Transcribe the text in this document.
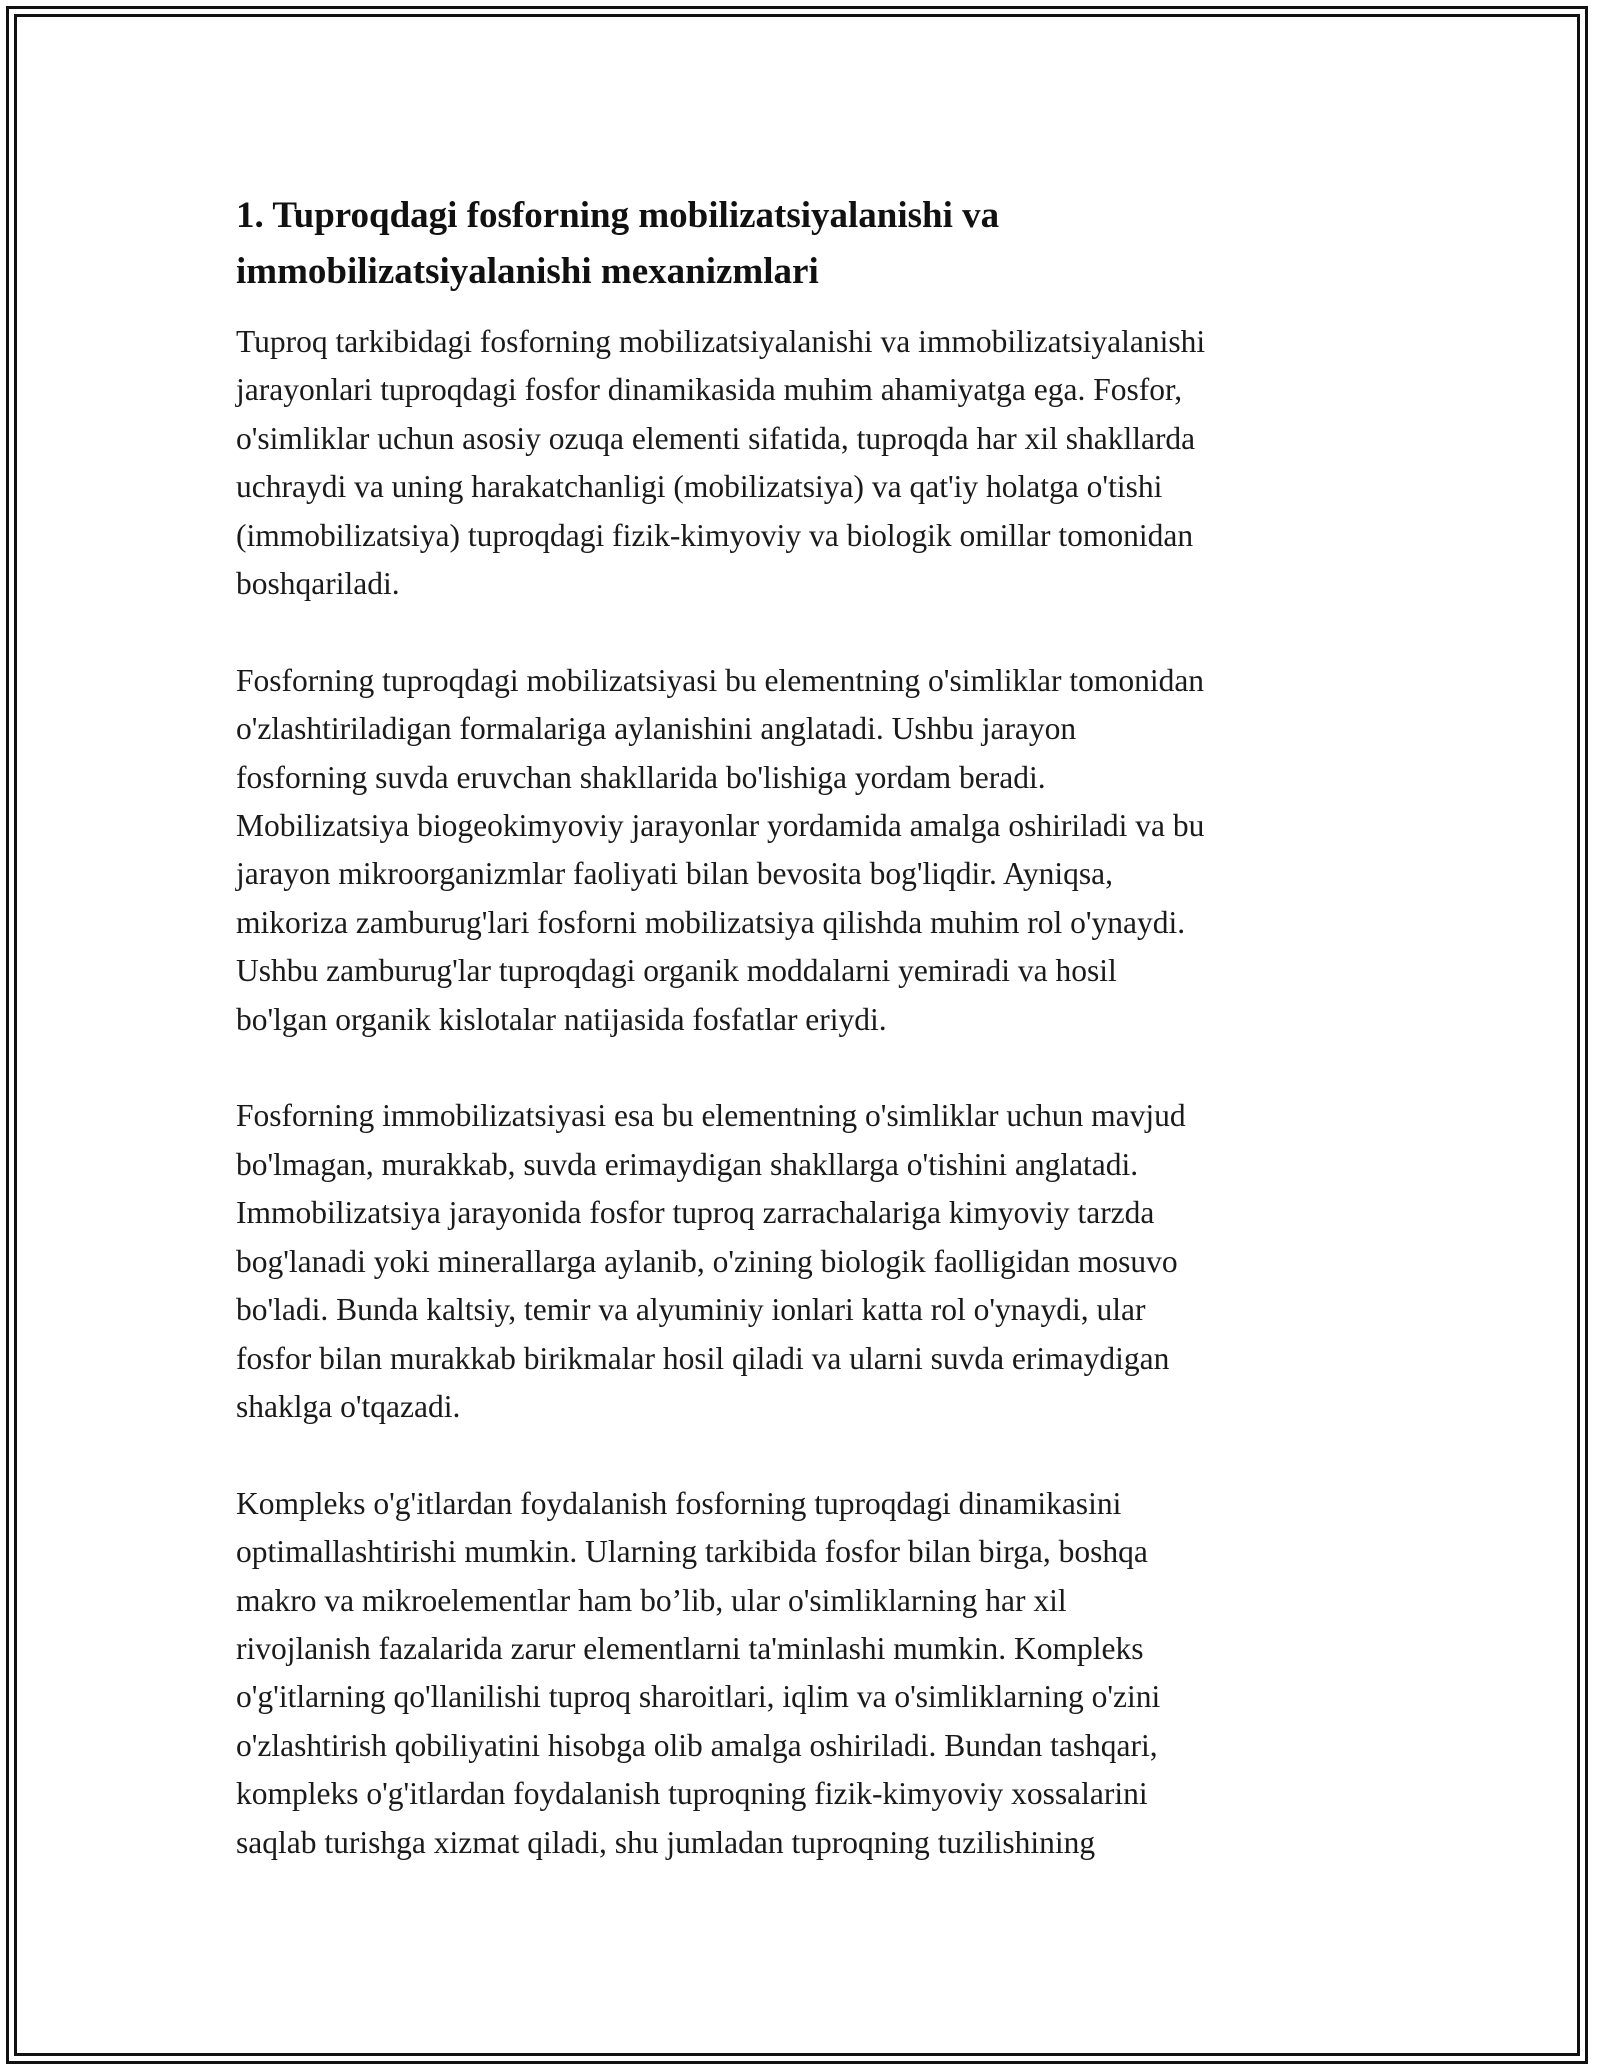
1. Tuproqdagi fosforning mobilizatsiyalanishi va
immobilizatsiyalanishi mexanizmlari

Tuproq tarkibidagi fosforning mobilizatsiyalanishi va immobilizatsiyalanishi
jarayonlari tuproqdagi fosfor dinamikasida muhim ahamiyatga ega. Fosfor,
o'simliklar uchun asosiy ozuqa elementi sifatida, tuproqda har xil shakllarda
uchraydi va uning harakatchanligi (mobilizatsiya) va qat'iy holatga o'tishi
(immobilizatsiya) tuproqdagi fizik-kimyoviy va biologik omillar tomonidan
boshqariladi.

Fosforning tuproqdagi mobilizatsiyasi bu elementning o'simliklar tomonidan
o'zlashtiriladigan formalariga aylanishini anglatadi. Ushbu jarayon
fosforning suvda eruvchan shakllarida bo'lishiga yordam beradi.
Mobilizatsiya biogeokimyoviy jarayonlar yordamida amalga oshiriladi va bu
jarayon mikroorganizmlar faoliyati bilan bevosita bog'liqdir. Ayniqsa,
mikoriza zamburug'lari fosforni mobilizatsiya qilishda muhim rol o'ynaydi.
Ushbu zamburug'lar tuproqdagi organik moddalarni yemiradi va hosil
bo'lgan organik kislotalar natijasida fosfatlar eriydi.

Fosforning immobilizatsiyasi esa bu elementning o'simliklar uchun mavjud
bo'lmagan, murakkab, suvda erimaydigan shakllarga o'tishini anglatadi.
Immobilizatsiya jarayonida fosfor tuproq zarrachalariga kimyoviy tarzda
bog'lanadi yoki minerallarga aylanib, o'zining biologik faolligidan mosuvo
bo'ladi. Bunda kaltsiy, temir va alyuminiy ionlari katta rol o'ynaydi, ular
fosfor bilan murakkab birikmalar hosil qiladi va ularni suvda erimaydigan
shaklga o'tqazadi.

Kompleks o'g'itlardan foydalanish fosforning tuproqdagi dinamikasini
optimallashtirishi mumkin. Ularning tarkibida fosfor bilan birga, boshqa
makro va mikroelementlar ham bo’lib, ular o'simliklarning har xil
rivojlanish fazalarida zarur elementlarni ta'minlashi mumkin. Kompleks
o'g'itlarning qo'llanilishi tuproq sharoitlari, iqlim va o'simliklarning o'zini
o'zlashtirish qobiliyatini hisobga olib amalga oshiriladi. Bundan tashqari,
kompleks o'g'itlardan foydalanish tuproqning fizik-kimyoviy xossalarini
saqlab turishga xizmat qiladi, shu jumladan tuproqning tuzilishining
